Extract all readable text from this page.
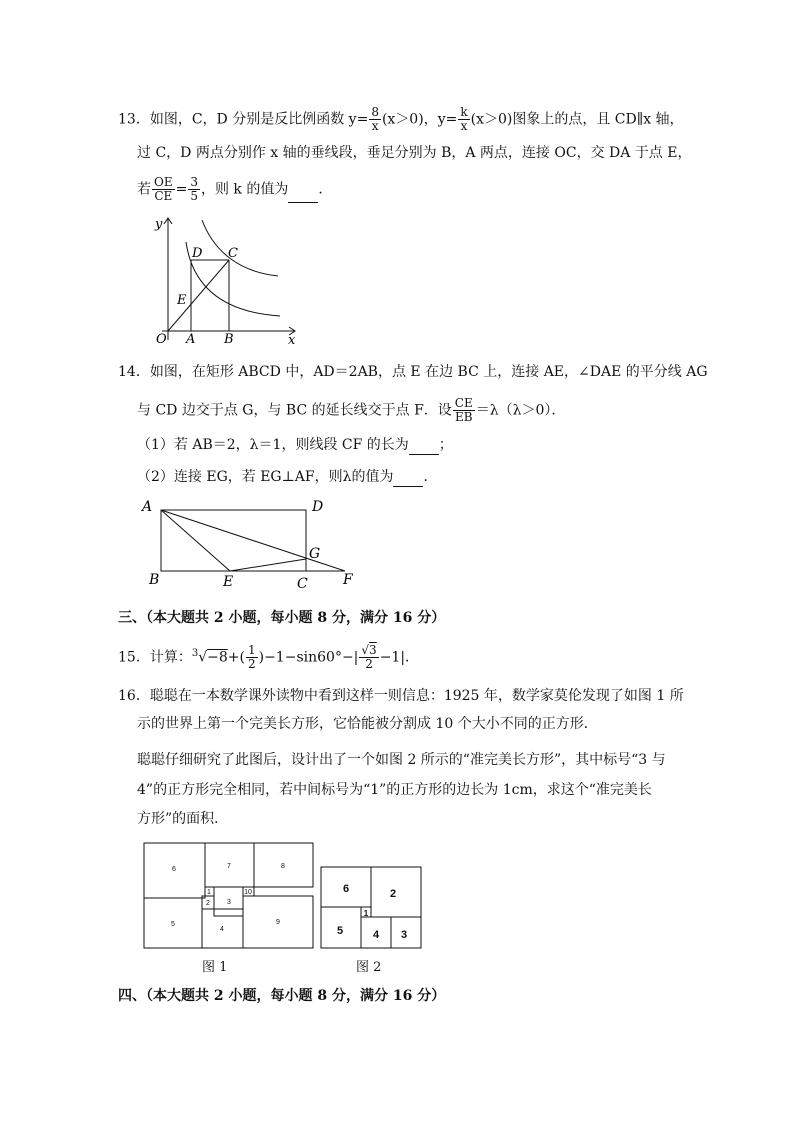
13．如图，C，D 分别是反比例函数 $y= \frac{8}{x} (x>0)$，$y= \frac{k}{x} (x>0)$图象上的点，且 CD∥x 轴，
过 C，D 两点分别作 x 轴的垂线段，垂足分别为 B，A 两点，连接 OC，交 DA 于点 E，
若 $\frac{OE}{CE} = \frac{3}{5}$ ，则 k 的值为 ．
y
x
O A B
D C
E
14．如图，在矩形 ABCD 中，AD＝2AB，点 E 在边 BC 上，连接 AE，∠DAE 的平分线 AG
与 CD 边交于点 G，与 BC 的延长线交于点 F．设 $\frac{CE}{EB} =\lambda(\lambda>0)$．
（1）若 AB＝2，λ＝1，则线段 CF 的长为 ；
（2）连接 EG，若 EG⊥AF，则λ的值为 ．
A	D
B	E	C	F
G
三、（本大题共 2 小题，每小题 8 分，满分 16 分）
15．计算：$^3√-8+( \frac{1}{2} )-1-\sin 60^\circ-| \frac{√3}{2} -1|$．
16．聪聪在一本数学课外读物中看到这样一则信息：1925 年，数学家莫伦发现了如图 1 所
示的世界上第一个完美长方形，它恰能被分割成 10 个大小不同的正方形．
聪聪仔细研究了此图后，设计出了一个如图 2 所示的“准完美长方形”，其中标号“3 与
4”的正方形完全相同，若中间标号为“1”的正方形的边长为 1cm，求这个“准完美长
方形”的面积．
6	7	8
1	10
2 3
5
4
9
6	2
1
5	4 3
图 1	图 2
四、（本大题共 2 小题，每小题 8 分，满分 16 分）
